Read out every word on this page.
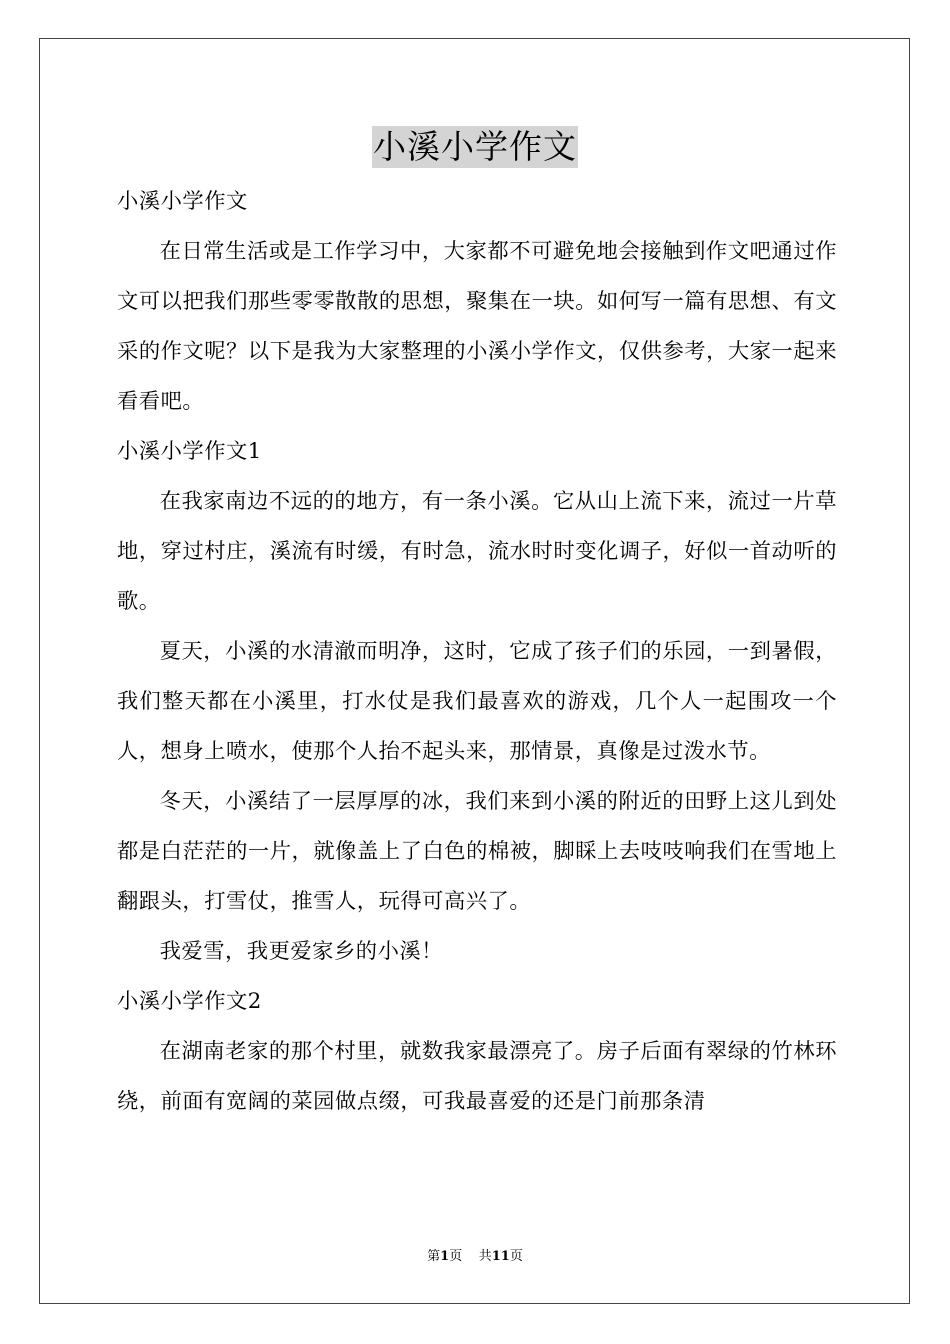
小溪小学作文

小溪小学作文

在日常生活或是工作学习中，大家都不可避免地会接触到作文吧通过作文可以把我们那些零零散散的思想，聚集在一块。如何写一篇有思想、有文采的作文呢？以下是我为大家整理的小溪小学作文，仅供参考，大家一起来看看吧。

小溪小学作文1

在我家南边不远的的地方，有一条小溪。它从山上流下来，流过一片草地，穿过村庄，溪流有时缓，有时急，流水时时变化调子，好似一首动听的歌。

夏天，小溪的水清澈而明净，这时，它成了孩子们的乐园，一到暑假，我们整天都在小溪里，打水仗是我们最喜欢的游戏，几个人一起围攻一个人，想身上喷水，使那个人抬不起头来，那情景，真像是过泼水节。

冬天，小溪结了一层厚厚的冰，我们来到小溪的附近的田野上这儿到处都是白茫茫的一片，就像盖上了白色的棉被，脚睬上去吱吱响我们在雪地上翻跟头，打雪仗，推雪人，玩得可高兴了。

我爱雪，我更爱家乡的小溪！

小溪小学作文2

在湖南老家的那个村里，就数我家最漂亮了。房子后面有翠绿的竹林环绕，前面有宽阔的菜园做点缀，可我最喜爱的还是门前那条清

第1页 共11页
